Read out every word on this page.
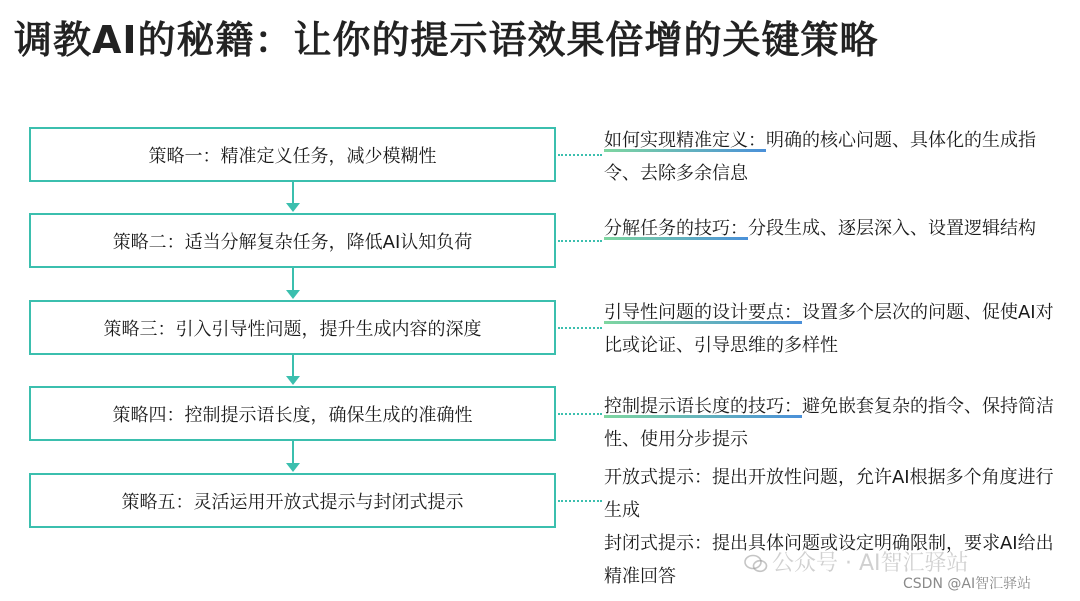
调教AI的秘籍：让你的提示语效果倍增的关键策略
策略一：精准定义任务，减少模糊性
策略二：适当分解复杂任务，降低AI认知负荷
策略三：引入引导性问题，提升生成内容的深度
策略四：控制提示语长度，确保生成的准确性
策略五：灵活运用开放式提示与封闭式提示
如何实现精准定义：明确的核心问题、具体化的生成指令、去除多余信息
分解任务的技巧：分段生成、逐层深入、设置逻辑结构
引导性问题的设计要点：设置多个层次的问题、促使AI对比或论证、引导思维的多样性
控制提示语长度的技巧：避免嵌套复杂的指令、保持简洁性、使用分步提示
开放式提示：提出开放性问题，允许AI根据多个角度进行生成
封闭式提示：提出具体问题或设定明确限制，要求AI给出精准回答
公众号 · AI智汇驿站
CSDN @AI智汇驿站
